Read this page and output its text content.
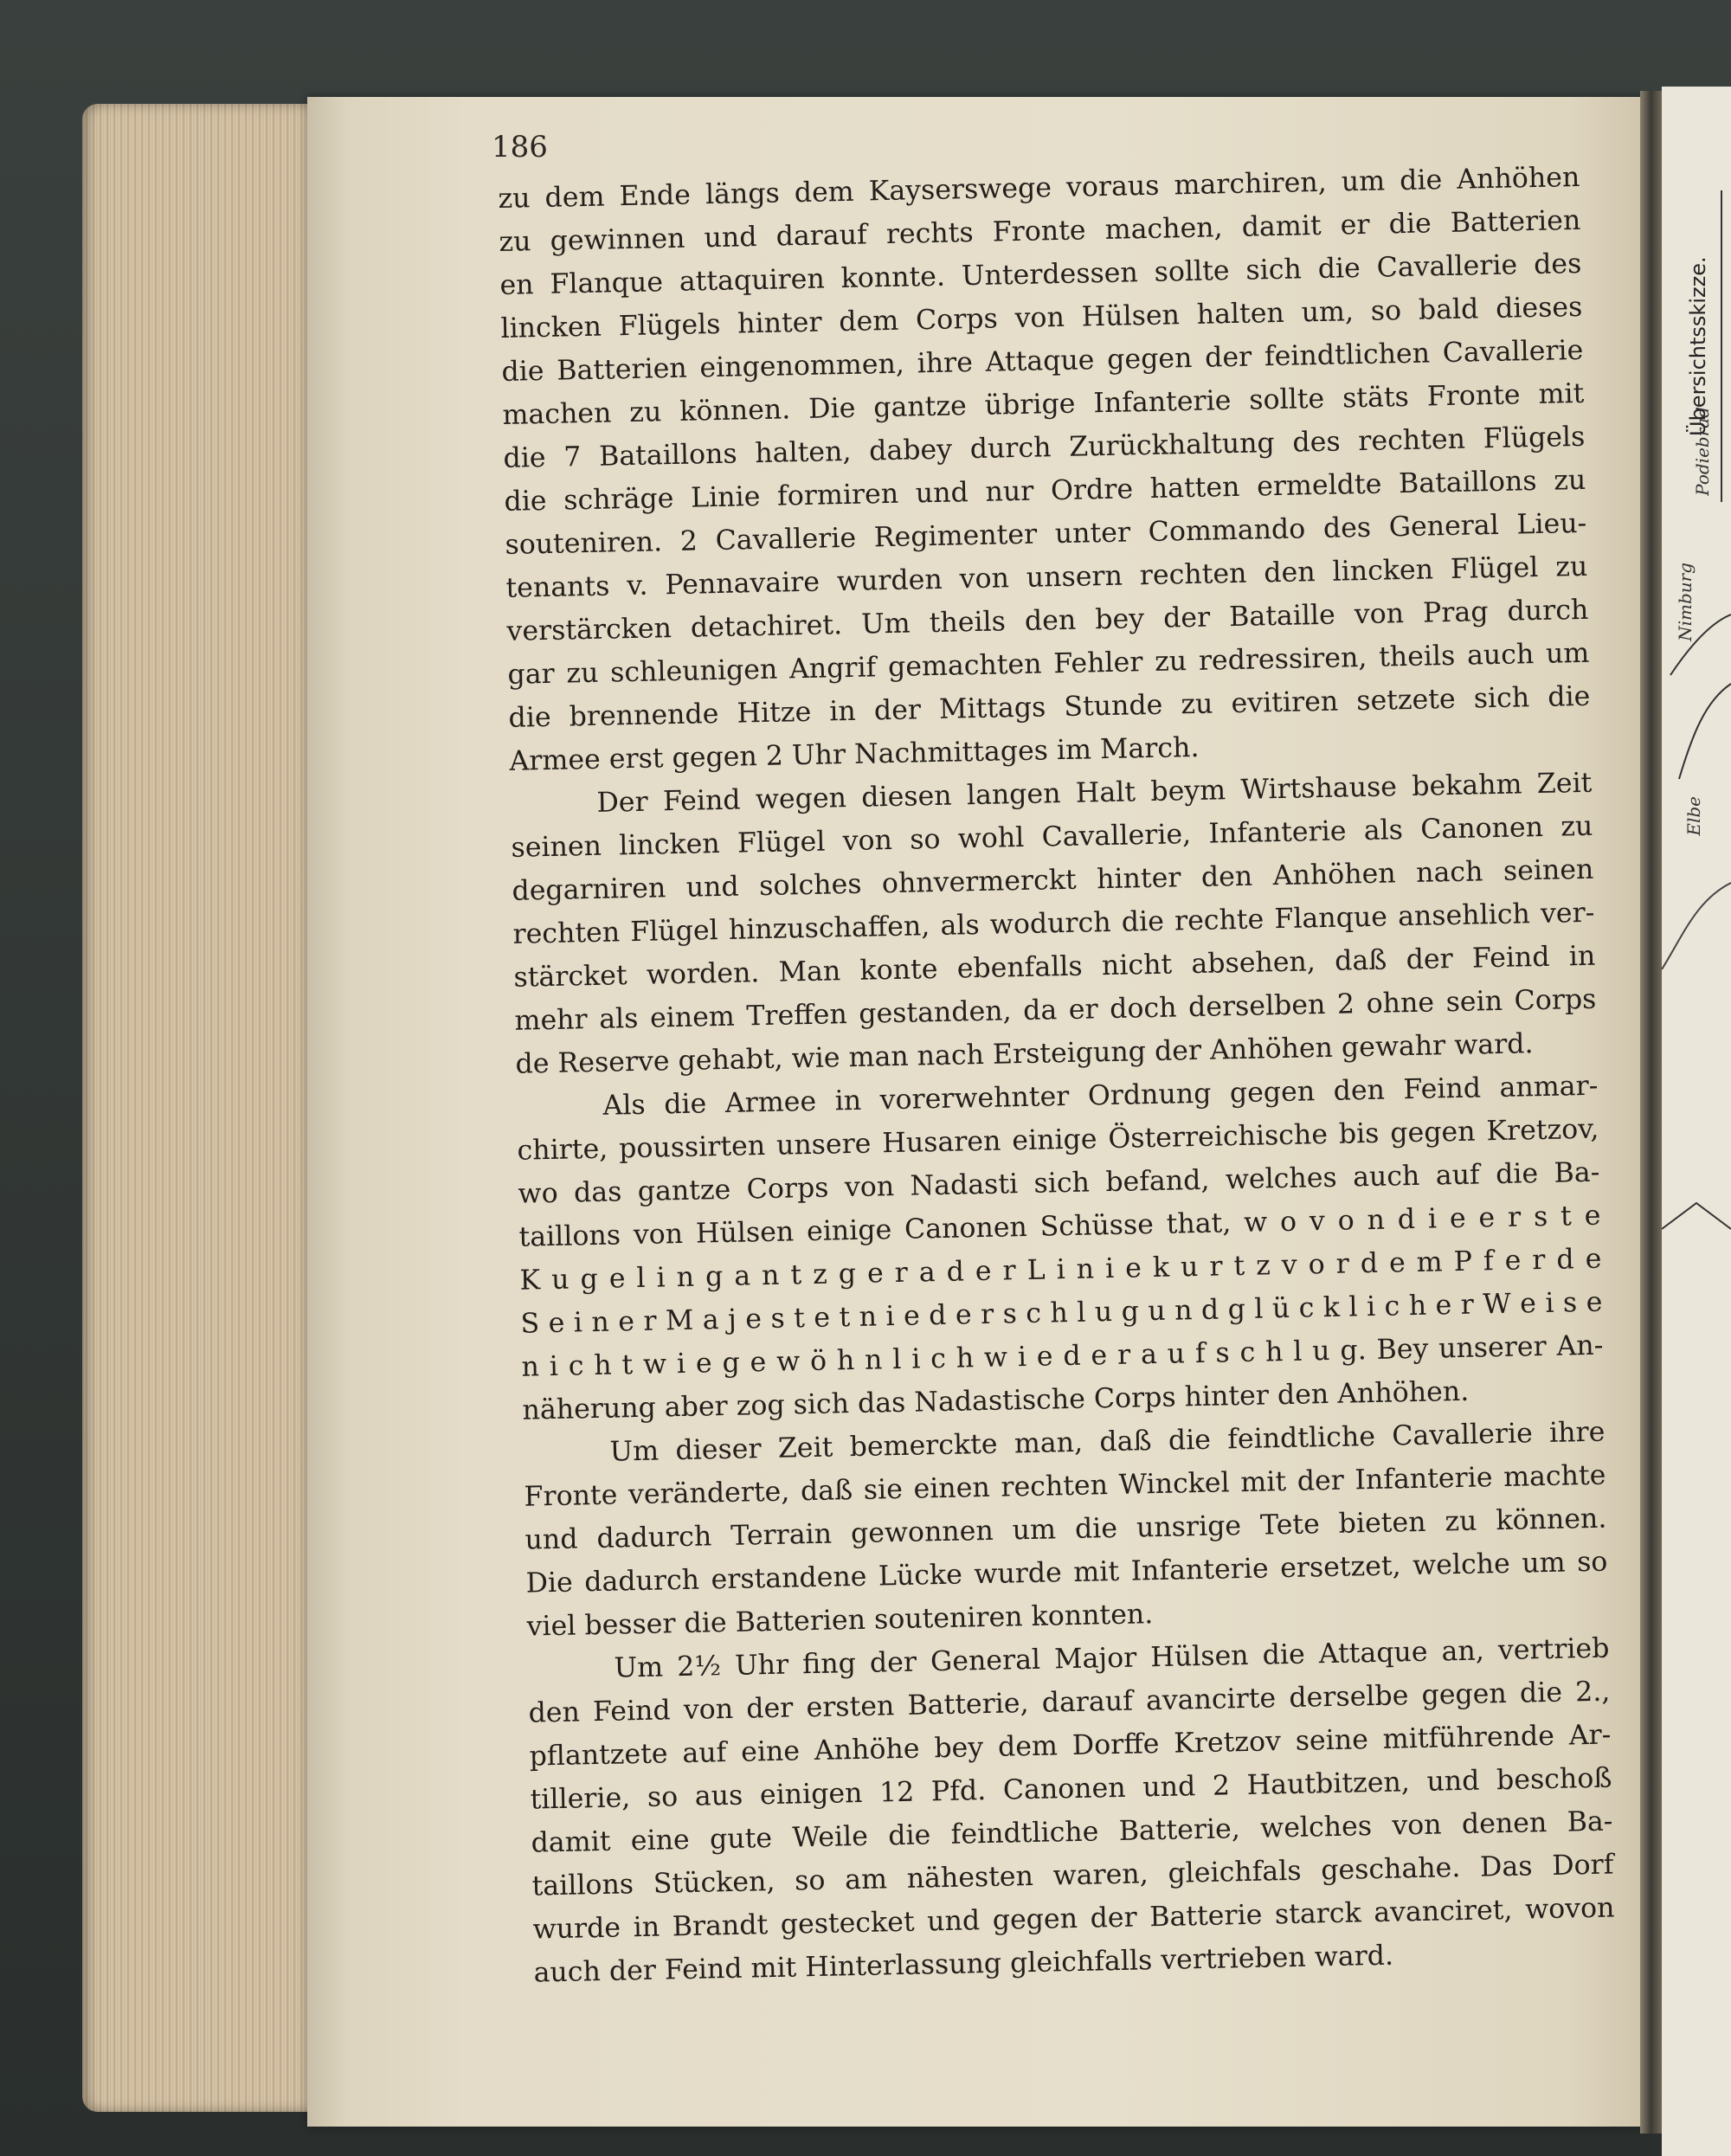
Übersichtsskizze.
Podiebrad
Nimburg
Elbe
186

zu dem Ende längs dem Kayserswege voraus marchiren, um die Anhöhen
zu gewinnen und darauf rechts Fronte machen, damit er die Batterien
en Flanque attaquiren konnte. Unterdessen sollte sich die Cavallerie des
lincken Flügels hinter dem Corps von Hülsen halten um, so bald dieses
die Batterien eingenommen, ihre Attaque gegen der feindtlichen Cavallerie
machen zu können. Die gantze übrige Infanterie sollte stäts Fronte mit
die 7 Bataillons halten, dabey durch Zurückhaltung des rechten Flügels
die schräge Linie formiren und nur Ordre hatten ermeldte Bataillons zu
souteniren. 2 Cavallerie Regimenter unter Commando des General Lieu-
tenants v. Pennavaire wurden von unsern rechten den lincken Flügel zu
verstärcken detachiret. Um theils den bey der Bataille von Prag durch
gar zu schleunigen Angrif gemachten Fehler zu redressiren, theils auch um
die brennende Hitze in der Mittags Stunde zu evitiren setzete sich die
Armee erst gegen 2 Uhr Nachmittages im March.

Der Feind wegen diesen langen Halt beym Wirtshause bekahm Zeit
seinen lincken Flügel von so wohl Cavallerie, Infanterie als Canonen zu
degarniren und solches ohnvermerckt hinter den Anhöhen nach seinen
rechten Flügel hinzuschaffen, als wodurch die rechte Flanque ansehlich ver-
stärcket worden. Man konte ebenfalls nicht absehen, daß der Feind in
mehr als einem Treffen gestanden, da er doch derselben 2 ohne sein Corps
de Reserve gehabt, wie man nach Ersteigung der Anhöhen gewahr ward.

Als die Armee in vorerwehnter Ordnung gegen den Feind anmar-
chirte, poussirten unsere Husaren einige Österreichische bis gegen Kretzov,
wo das gantze Corps von Nadasti sich befand, welches auch auf die Ba-
taillons von Hülsen einige Canonen Schüsse that, w o v o n d i e e r s t e
K u g e l i n g a n t z g e r a d e r L i n i e k u r t z v o r d e m P f e r d e
S e i n e r M a j e s t e t n i e d e r s c h l u g u n d g l ü c k l i c h e r W e i s e
n i c h t w i e g e w ö h n l i c h w i e d e r a u f s c h l u g. Bey unserer An-
näherung aber zog sich das Nadastische Corps hinter den Anhöhen.

Um dieser Zeit bemerckte man, daß die feindtliche Cavallerie ihre
Fronte veränderte, daß sie einen rechten Winckel mit der Infanterie machte
und dadurch Terrain gewonnen um die unsrige Tete bieten zu können.
Die dadurch erstandene Lücke wurde mit Infanterie ersetzet, welche um so
viel besser die Batterien souteniren konnten.

Um 2½ Uhr fing der General Major Hülsen die Attaque an, vertrieb
den Feind von der ersten Batterie, darauf avancirte derselbe gegen die 2.,
pflantzete auf eine Anhöhe bey dem Dorffe Kretzov seine mitführende Ar-
tillerie, so aus einigen 12 Pfd. Canonen und 2 Hautbitzen, und beschoß
damit eine gute Weile die feindtliche Batterie, welches von denen Ba-
taillons Stücken, so am nähesten waren, gleichfals geschahe. Das Dorf
wurde in Brandt gestecket und gegen der Batterie starck avanciret, wovon
auch der Feind mit Hinterlassung gleichfalls vertrieben ward.
